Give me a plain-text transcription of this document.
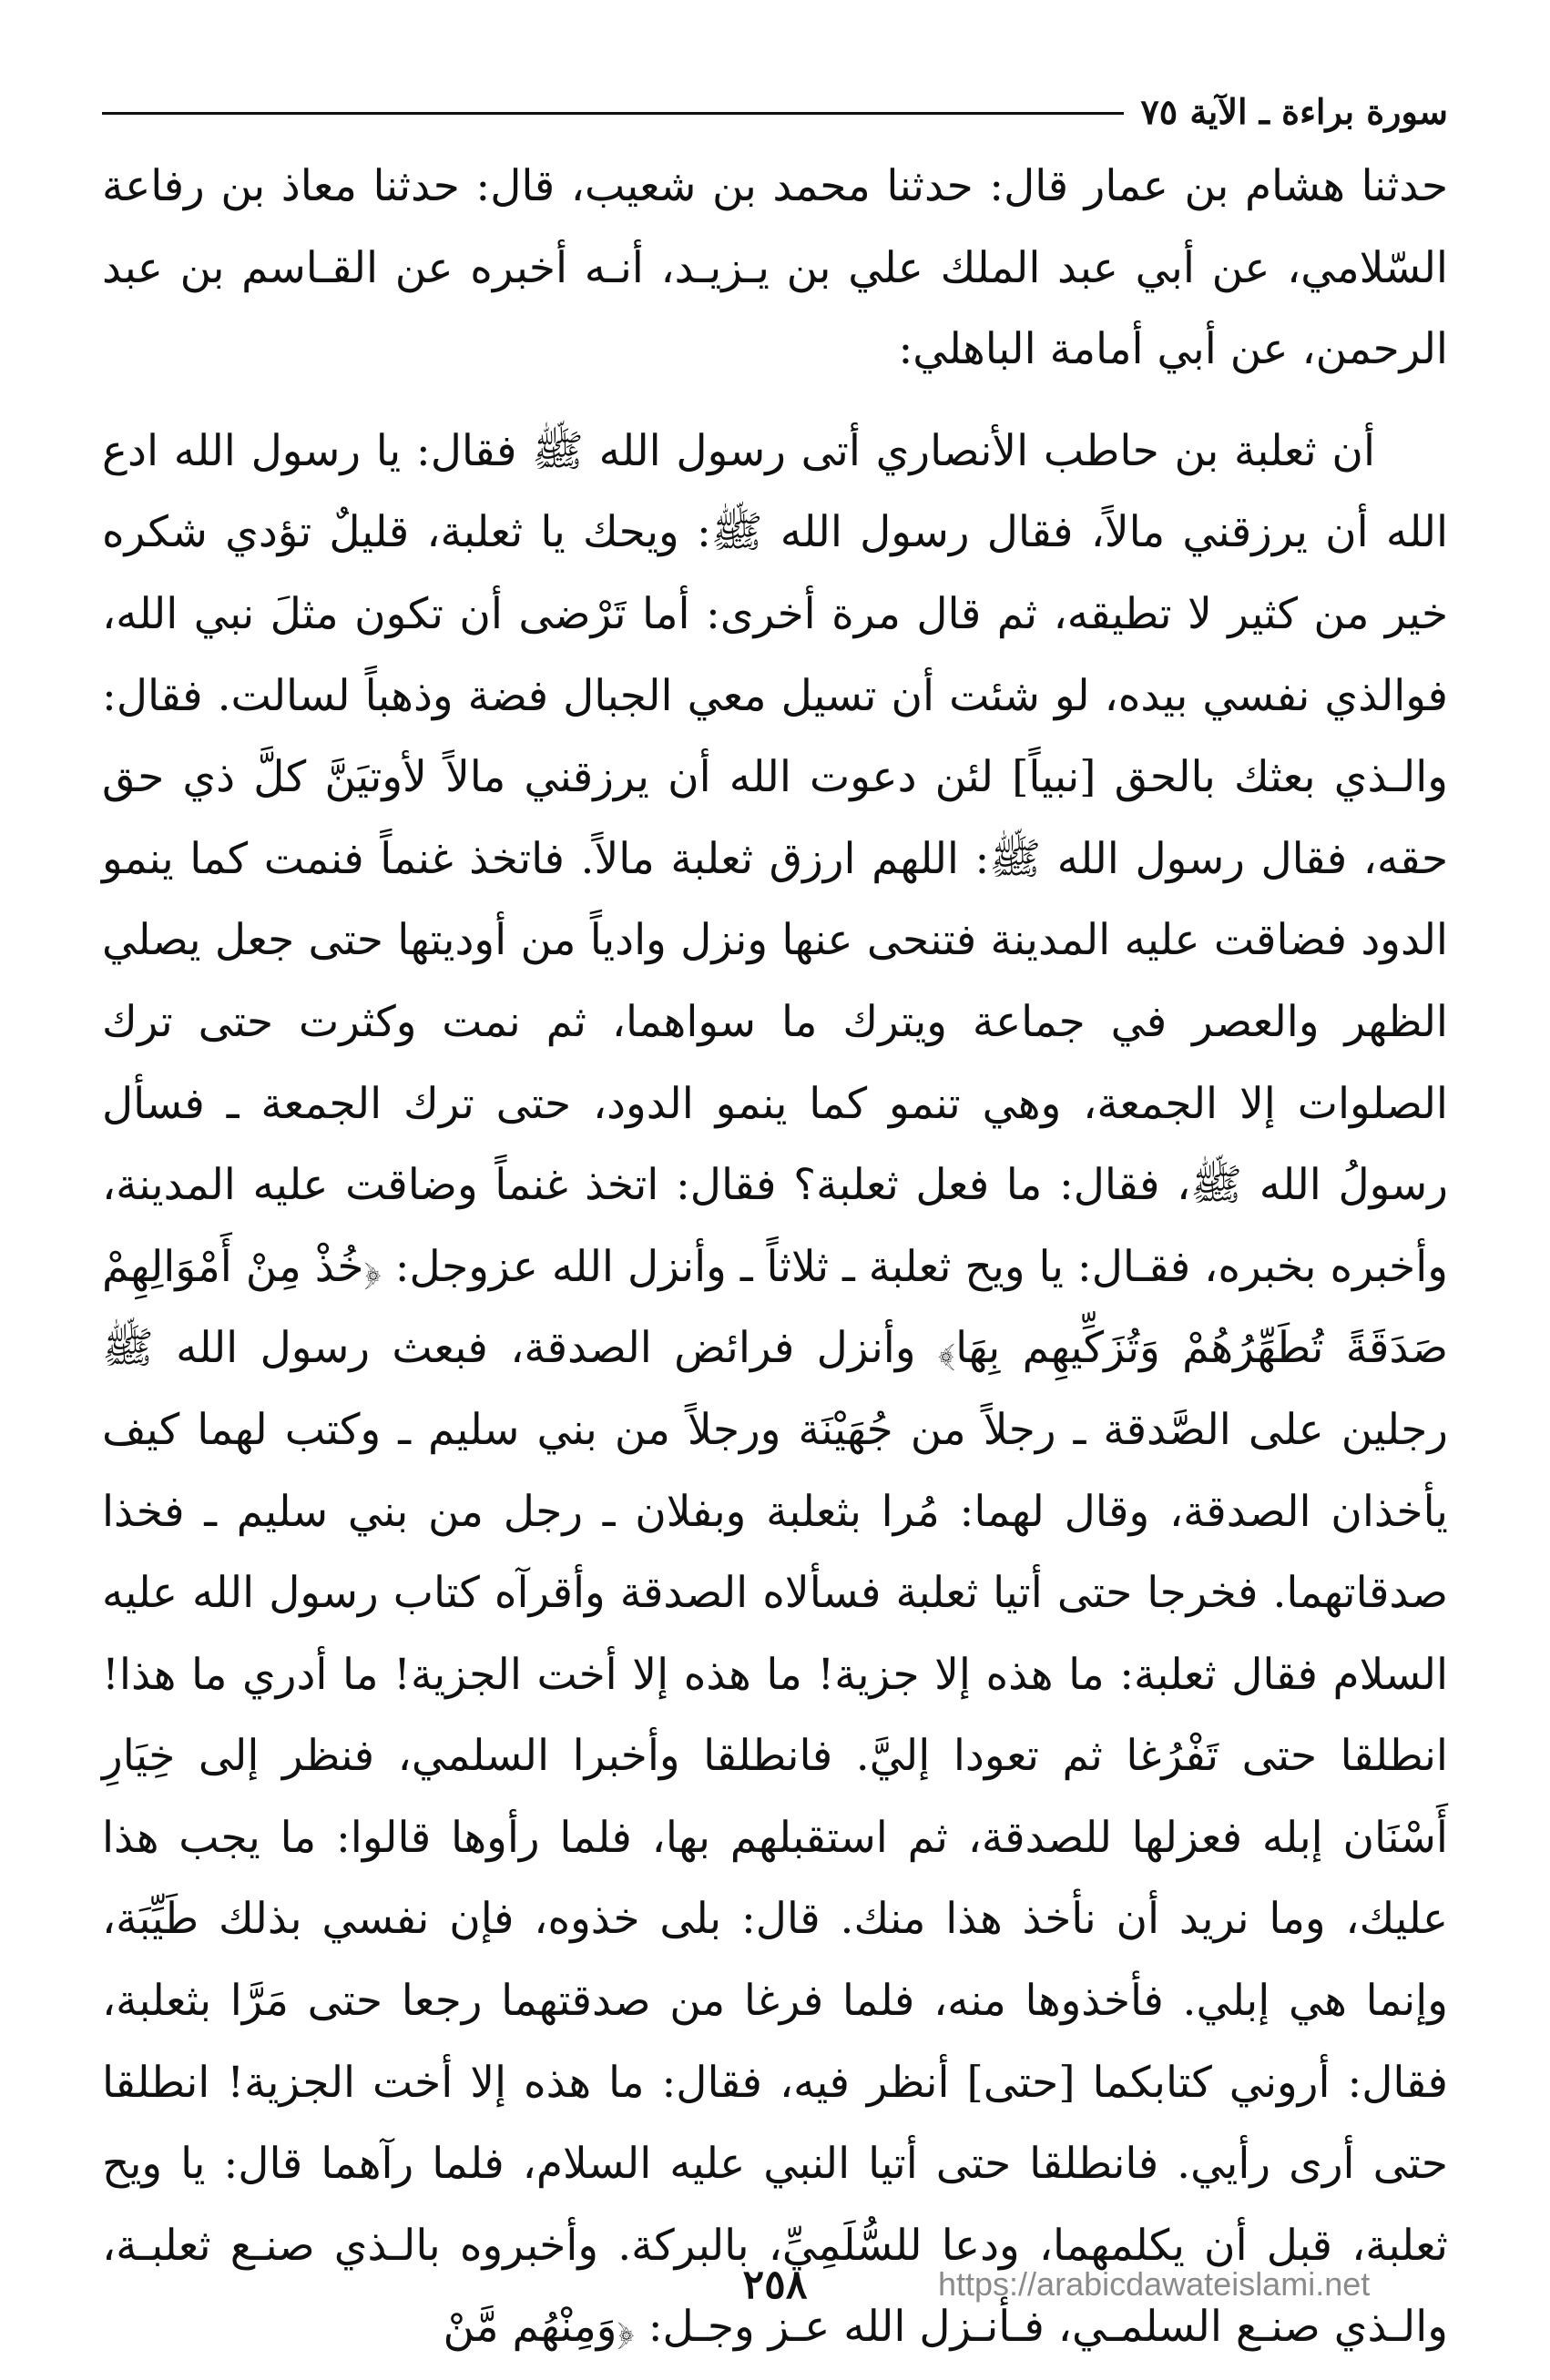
سورة براءة ـ الآية ٧٥

حدثنا هشام بن عمار قال: حدثنا محمد بن شعيب، قال: حدثنا معاذ بن رفاعة السّلامي، عن أبي عبد الملك علي بن يـزيـد، أنـه أخبره عن القـاسم بن عبد الرحمن، عن أبي أمامة الباهلي:

أن ثعلبة بن حاطب الأنصاري أتى رسول الله ﷺ فقال: يا رسول الله ادع الله أن يرزقني مالاً، فقال رسول الله ﷺ: ويحك يا ثعلبة، قليلٌ تؤدي شكره خير من كثير لا تطيقه، ثم قال مرة أخرى: أما تَرْضى أن تكون مثلَ نبي الله، فوالذي نفسي بيده، لو شئت أن تسيل معي الجبال فضة وذهباً لسالت. فقال: والـذي بعثك بالحق [نبياً] لئن دعوت الله أن يرزقني مالاً لأوتيَنَّ كلَّ ذي حق حقه، فقال رسول الله ﷺ: اللهم ارزق ثعلبة مالاً. فاتخذ غنماً فنمت كما ينمو الدود فضاقت عليه المدينة فتنحى عنها ونزل وادياً من أوديتها حتى جعل يصلي الظهر والعصر في جماعة ويترك ما سواهما، ثم نمت وكثرت حتى ترك الصلوات إلا الجمعة، وهي تنمو كما ينمو الدود، حتى ترك الجمعة ـ فسأل رسولُ الله ﷺ، فقال: ما فعل ثعلبة؟ فقال: اتخذ غنماً وضاقت عليه المدينة، وأخبره بخبره، فقـال: يا ويح ثعلبة ـ ثلاثاً ـ وأنزل الله عزوجل: ﴿خُذْ مِنْ أَمْوَالِهِمْ صَدَقَةً تُطَهِّرُهُمْ وَتُزَكِّيهِم بِهَا﴾ وأنزل فرائض الصدقة، فبعث رسول الله ﷺ رجلين على الصَّدقة ـ رجلاً من جُهَيْنَة ورجلاً من بني سليم ـ وكتب لهما كيف يأخذان الصدقة، وقال لهما: مُرا بثعلبة وبفلان ـ رجل من بني سليم ـ فخذا صدقاتهما. فخرجا حتى أتيا ثعلبة فسألاه الصدقة وأقرآه كتاب رسول الله عليه السلام فقال ثعلبة: ما هذه إلا جزية! ما هذه إلا أخت الجزية! ما أدري ما هذا! انطلقا حتى تَفْرُغا ثم تعودا إليَّ. فانطلقا وأخبرا السلمي، فنظر إلى خِيَارِ أَسْنَان إبله فعزلها للصدقة، ثم استقبلهم بها، فلما رأوها قالوا: ما يجب هذا عليك، وما نريد أن نأخذ هذا منك. قال: بلى خذوه، فإن نفسي بذلك طَيِّبَة، وإنما هي إبلي. فأخذوها منه، فلما فرغا من صدقتهما رجعا حتى مَرَّا بثعلبة، فقال: أروني كتابكما [حتى] أنظر فيه، فقال: ما هذه إلا أخت الجزية! انطلقا حتى أرى رأيي. فانطلقا حتى أتيا النبي عليه السلام، فلما رآهما قال: يا ويح ثعلبة، قبل أن يكلمهما، ودعا للسُّلَمِيِّ، بالبركة. وأخبروه بالـذي صنـع ثعلبـة، والـذي صنـع السلمـي، فـأنـزل الله عـز وجـل: ﴿وَمِنْهُم مَّنْ

٢٥٨	https://arabicdawateislami.net
